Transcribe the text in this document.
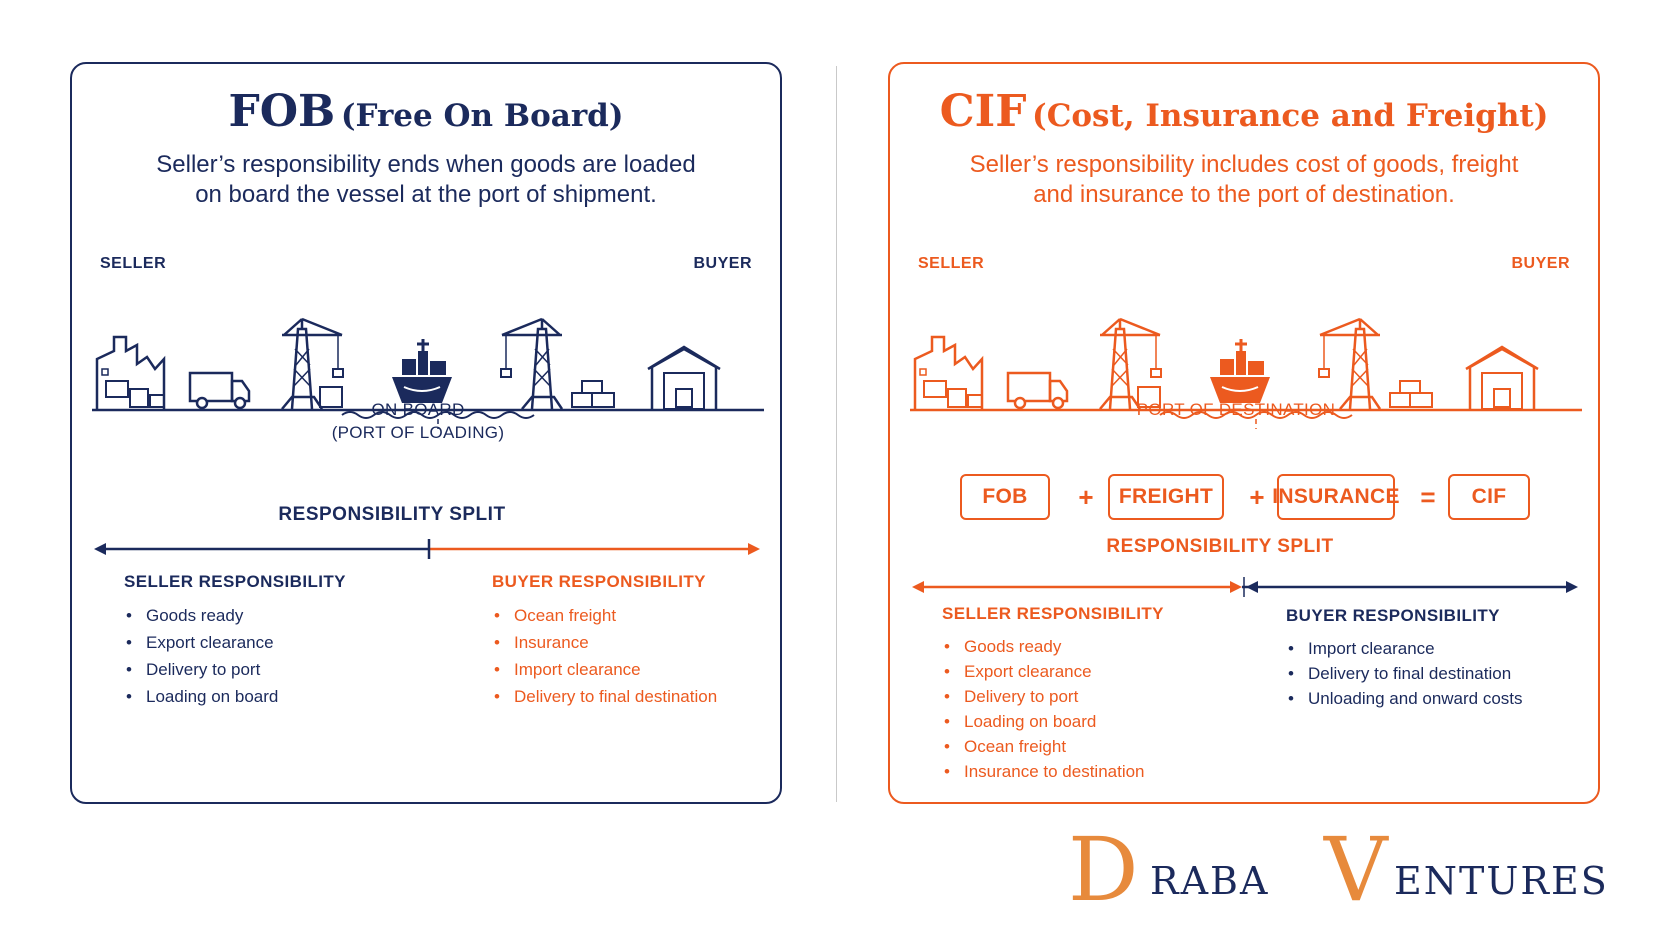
FOB (Free On Board)
Seller’s responsibility ends when goods are loaded
on board the vessel at the port of shipment.
SELLER	BUYER
ON BOARD
(PORT OF LOADING)
RESPONSIBILITY SPLIT
SELLER RESPONSIBILITY
• Goods ready
• Export clearance
• Delivery to port
• Loading on board
BUYER RESPONSIBILITY
• Ocean freight
• Insurance
• Import clearance
• Delivery to final destination
CIF (Cost, Insurance and Freight)
Seller’s responsibility includes cost of goods, freight
and insurance to the port of destination.
SELLER	BUYER
PORT OF DESTINATION
FOB	+	FREIGHT	+ INSURANCE =	CIF
RESPONSIBILITY SPLIT
SELLER RESPONSIBILITY
• Goods ready
• Export clearance
• Delivery to port
• Loading on board
• Ocean freight
• Insurance to destination
BUYER RESPONSIBILITY
• Import clearance
• Delivery to final destination
• Unloading and onward costs
D RABA V ENTURES
